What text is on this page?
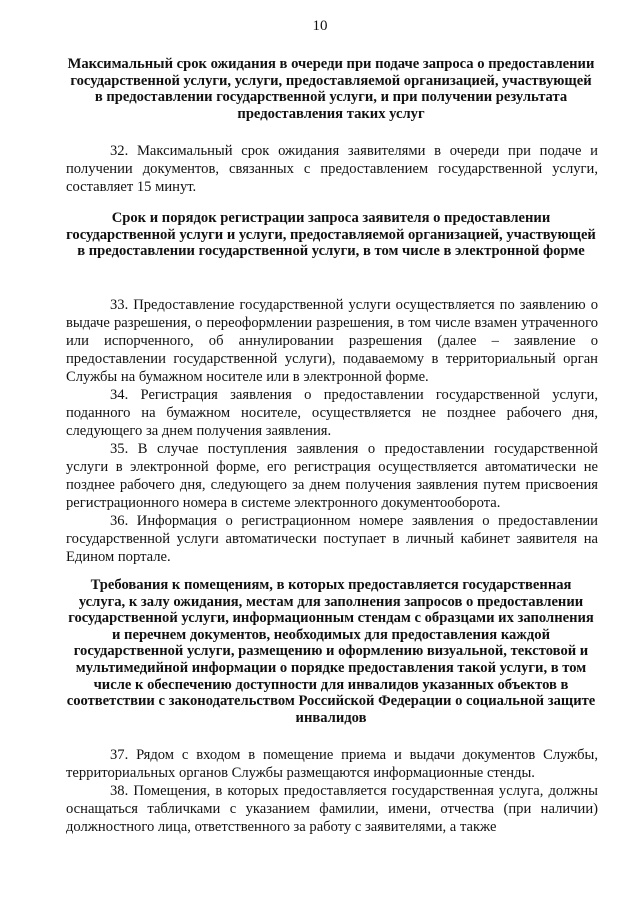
10
Максимальный срок ожидания в очереди при подаче запроса о предоставлении государственной услуги, услуги, предоставляемой организацией, участвующей в предоставлении государственной услуги, и при получении результата предоставления таких услуг
32. Максимальный срок ожидания заявителями в очереди при подаче и получении документов, связанных с предоставлением государственной услуги, составляет 15 минут.
Срок и порядок регистрации запроса заявителя о предоставлении государственной услуги и услуги, предоставляемой организацией, участвующей в предоставлении государственной услуги, в том числе в электронной форме
33. Предоставление государственной услуги осуществляется по заявлению о выдаче разрешения, о переоформлении разрешения, в том числе взамен утраченного или испорченного, об аннулировании разрешения (далее – заявление о предоставлении государственной услуги), подаваемому в территориальный орган Службы на бумажном носителе или в электронной форме.
34. Регистрация заявления о предоставлении государственной услуги, поданного на бумажном носителе, осуществляется не позднее рабочего дня, следующего за днем получения заявления.
35. В случае поступления заявления о предоставлении государственной услуги в электронной форме, его регистрация осуществляется автоматически не позднее рабочего дня, следующего за днем получения заявления путем присвоения регистрационного номера в системе электронного документооборота.
36. Информация о регистрационном номере заявления о предоставлении государственной услуги автоматически поступает в личный кабинет заявителя на Едином портале.
Требования к помещениям, в которых предоставляется государственная услуга, к залу ожидания, местам для заполнения запросов о предоставлении государственной услуги, информационным стендам с образцами их заполнения и перечнем документов, необходимых для предоставления каждой государственной услуги, размещению и оформлению визуальной, текстовой и мультимедийной информации о порядке предоставления такой услуги, в том числе к обеспечению доступности для инвалидов указанных объектов в соответствии с законодательством Российской Федерации о социальной защите инвалидов
37. Рядом с входом в помещение приема и выдачи документов Службы, территориальных органов Службы размещаются информационные стенды.
38. Помещения, в которых предоставляется государственная услуга, должны оснащаться табличками с указанием фамилии, имени, отчества (при наличии) должностного лица, ответственного за работу с заявителями, а также
